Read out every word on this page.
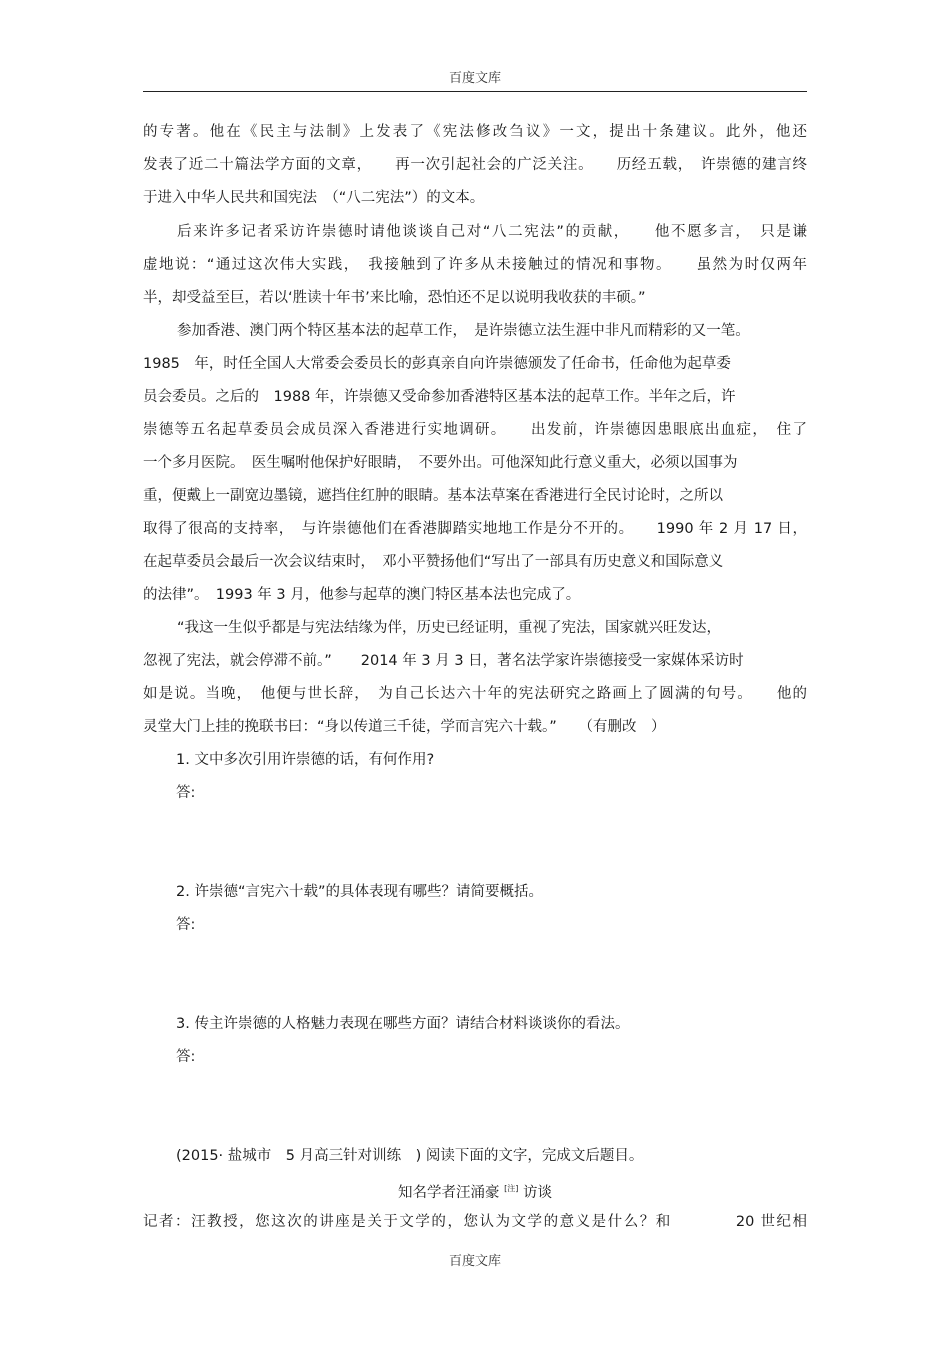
百度文库
的专著。他在《民主与法制》上发表了《宪法修改刍议》一文，提出十条建议。此外，他还
发表了近二十篇法学方面的文章，　　再一次引起社会的广泛关注。　　历经五载，　许崇德的建言终
于进入中华人民共和国宪法　（“八二宪法”）的文本。
后来许多记者采访许崇德时请他谈谈自己对“八二宪法”的贡献，　　他不愿多言，　只是谦
虚地说：“通过这次伟大实践，　我接触到了许多从未接触过的情况和事物。　　虽然为时仅两年
半，却受益至巨，若以‘胜读十年书’来比喻，恐怕还不足以说明我收获的丰硕。”
参加香港、澳门两个特区基本法的起草工作，　是许崇德立法生涯中非凡而精彩的又一笔。
1985　年，时任全国人大常委会委员长的彭真亲自向许崇德颁发了任命书，任命他为起草委
员会委员。之后的　1988 年，许崇德又受命参加香港特区基本法的起草工作。半年之后，许
崇德等五名起草委员会成员深入香港进行实地调研。　　出发前，许崇德因患眼底出血症，　住了
一个多月医院。　医生嘱咐他保护好眼睛，　不要外出。可他深知此行意义重大，必须以国事为
重，便戴上一副宽边墨镜，遮挡住红肿的眼睛。基本法草案在香港进行全民讨论时，之所以
取得了很高的支持率，　与许崇德他们在香港脚踏实地地工作是分不开的。　　1990 年 2 月 17 日，
在起草委员会最后一次会议结束时，　邓小平赞扬他们“写出了一部具有历史意义和国际意义
的法律”。　1993 年 3 月，他参与起草的澳门特区基本法也完成了。
“我这一生似乎都是与宪法结缘为伴，历史已经证明，重视了宪法，国家就兴旺发达，
忽视了宪法，就会停滞不前。”　　2014 年 3 月 3 日，著名法学家许崇德接受一家媒体采访时
如是说。当晚，　他便与世长辞，　为自己长达六十年的宪法研究之路画上了圆满的句号。　　他的
灵堂大门上挂的挽联书曰：“身以传道三千徒，学而言宪六十载。”　　（有删改　）
1. 文中多次引用许崇德的话，有何作用?
答:
2. 许崇德“言宪六十载”的具体表现有哪些？请简要概括。
答:
3. 传主许崇德的人格魅力表现在哪些方面？请结合材料谈谈你的看法。
答:
(2015· 盐城市　5 月高三针对训练　) 阅读下面的文字，完成文后题目。
知名学者汪涌豪 [注] 访谈
记者：汪教授，您这次的讲座是关于文学的，您认为文学的意义是什么？和　　　　20 世纪相
百度文库
